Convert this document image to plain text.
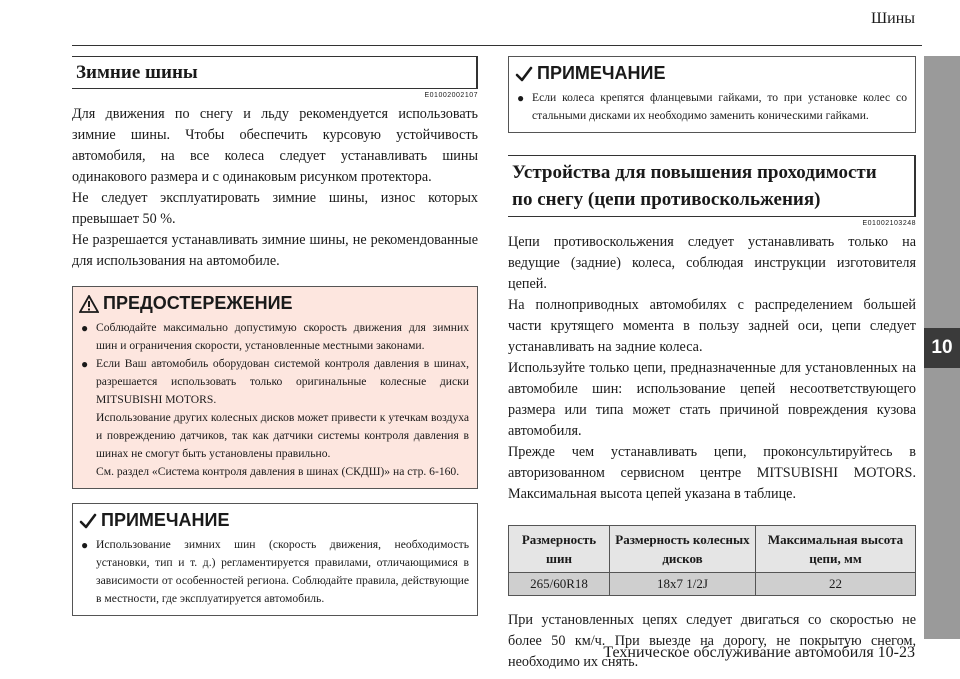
Шины
10
Зимние шины
E01002002107

Для движения по снегу и льду рекомендуется использовать зимние шины. Чтобы обеспечить курсовую устойчивость автомобиля, на все колеса следует устанавливать шины одинакового размера и с одинаковым рисунком протектора.

Не следует эксплуатировать зимние шины, износ которых превышает 50 %.

Не разрешается устанавливать зимние шины, не рекомендованные для использования на автомобиле.

ПРЕДОСТЕРЕЖЕНИЕ
● Соблюдайте максимально допустимую скорость движения для зимних шин и ограничения скорости, установленные местными законами.
● Если Ваш автомобиль оборудован системой контроля давления в шинах, разрешается использовать только оригинальные колесные диски MITSUBISHI MOTORS.
Использование других колесных дисков может привести к утечкам воздуха и повреждению датчиков, так как датчики системы контроля давления в шинах не смогут быть установлены правильно.
См. раздел «Система контроля давления в шинах (СКДШ)» на стр. 6-160.
ПРИМЕЧАНИЕ
● Использование зимних шин (скорость движения, необходимость установки, тип и т. д.) регламентируется правилами, отличающимися в зависимости от особенностей региона. Соблюдайте правила, действующие в местности, где эксплуатируется автомобиль.
ПРИМЕЧАНИЕ
● Если колеса крепятся фланцевыми гайками, то при установке колес со стальными дисками их необходимо заменить коническими гайками.
Устройства для повышения проходимости
по снегу (цепи противоскольжения)
E01002103248

Цепи противоскольжения следует устанавливать только на ведущие (задние) колеса, соблюдая инструкции изготовителя цепей.

На полноприводных автомобилях с распределением большей части крутящего момента в пользу задней оси, цепи следует устанавливать на задние колеса.

Используйте только цепи, предназначенные для установленных на автомобиле шин: использование цепей несоответствующего размера или типа может стать причиной повреждения кузова автомобиля.

Прежде чем устанавливать цепи, проконсультируйтесь в авторизованном сервисном центре MITSUBISHI MOTORS. Максимальная высота цепей указана в таблице.

Размерность шин	Размерность колесных дисков	Максимальная высота цепи, мм
265/60R18	18x7 1/2J	22

При установленных цепях следует двигаться со скоростью не более 50 км/ч. При выезде на дорогу, не покрытую снегом, необходимо их снять.

Техническое обслуживание автомобиля 10-23
